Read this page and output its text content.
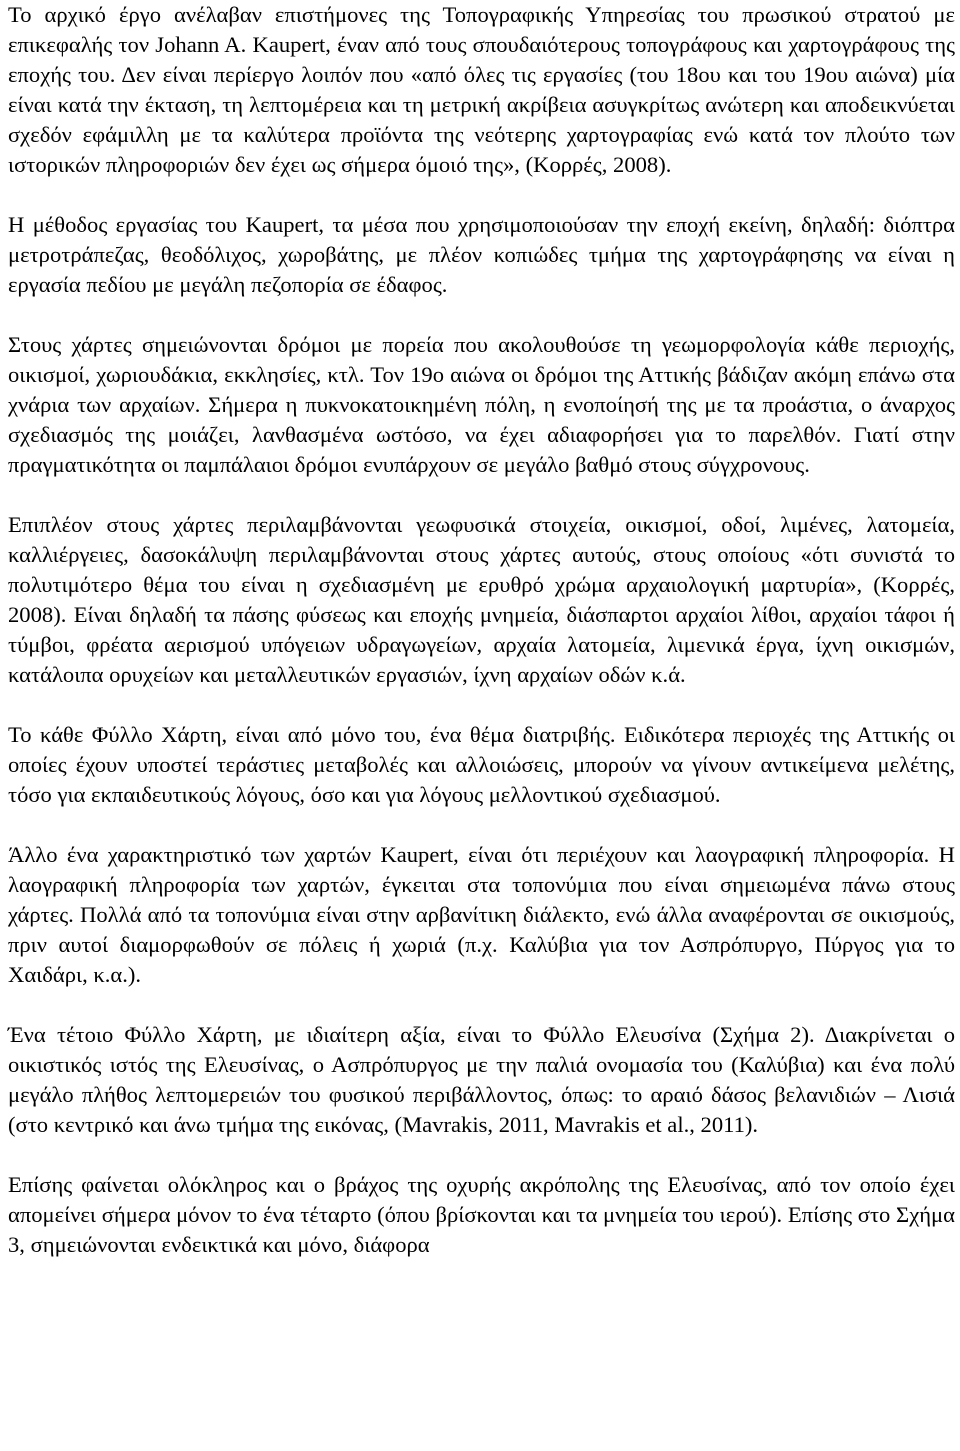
Το αρχικό έργο ανέλαβαν επιστήμονες της Τοπογραφικής Υπηρεσίας του πρωσικού στρατού με επικεφαλής τον Johann A. Kaupert, έναν από τους σπουδαιότερους τοπογράφους και χαρτογράφους της εποχής του. Δεν είναι περίεργο λοιπόν που «από όλες τις εργασίες (του 18ου και του 19ου αιώνα) μία είναι κατά την έκταση, τη λεπτομέρεια και τη μετρική ακρίβεια ασυγκρίτως ανώτερη και αποδεικνύεται σχεδόν εφάμιλλη με τα καλύτερα προϊόντα της νεότερης χαρτογραφίας ενώ κατά τον πλούτο των ιστορικών πληροφοριών δεν έχει ως σήμερα όμοιό της», (Κορρές, 2008).

Η μέθοδος εργασίας του Kaupert, τα μέσα που χρησιμοποιούσαν την εποχή εκείνη, δηλαδή: διόπτρα μετροτράπεζας, θεοδόλιχος, χωροβάτης, με πλέον κοπιώδες τμήμα της χαρτογράφησης να είναι η εργασία πεδίου με μεγάλη πεζοπορία σε έδαφος.

Στους χάρτες σημειώνονται δρόμοι με πορεία που ακολουθούσε τη γεωμορφολογία κάθε περιοχής, οικισμοί, χωριουδάκια, εκκλησίες, κτλ. Τον 19ο αιώνα οι δρόμοι της Αττικής βάδιζαν ακόμη επάνω στα χνάρια των αρχαίων. Σήμερα η πυκνοκατοικημένη πόλη, η ενοποίησή της με τα προάστια, ο άναρχος σχεδιασμός της μοιάζει, λανθασμένα ωστόσο, να έχει αδιαφορήσει για το παρελθόν. Γιατί στην πραγματικότητα οι παμπάλαιοι δρόμοι ενυπάρχουν σε μεγάλο βαθμό στους σύγχρονους.

Επιπλέον στους χάρτες περιλαμβάνονται γεωφυσικά στοιχεία, οικισμοί, οδοί, λιμένες, λατομεία, καλλιέργειες, δασοκάλυψη περιλαμβάνονται στους χάρτες αυτούς, στους οποίους «ότι συνιστά το πολυτιμότερο θέμα του είναι η σχεδιασμένη με ερυθρό χρώμα αρχαιολογική μαρτυρία», (Κορρές, 2008). Είναι δηλαδή τα πάσης φύσεως και εποχής μνημεία, διάσπαρτοι αρχαίοι λίθοι, αρχαίοι τάφοι ή τύμβοι, φρέατα αερισμού υπόγειων υδραγωγείων, αρχαία λατομεία, λιμενικά έργα, ίχνη οικισμών, κατάλοιπα ορυχείων και μεταλλευτικών εργασιών, ίχνη αρχαίων οδών κ.ά.

Το κάθε Φύλλο Χάρτη, είναι από μόνο του, ένα θέμα διατριβής. Ειδικότερα περιοχές της Αττικής οι οποίες έχουν υποστεί τεράστιες μεταβολές και αλλοιώσεις, μπορούν να γίνουν αντικείμενα μελέτης, τόσο για εκπαιδευτικούς λόγους, όσο και για λόγους μελλοντικού σχεδιασμού.

Άλλο ένα χαρακτηριστικό των χαρτών Kaupert, είναι ότι περιέχουν και λαογραφική πληροφορία. Η λαογραφική πληροφορία των χαρτών, έγκειται στα τοπονύμια που είναι σημειωμένα πάνω στους χάρτες. Πολλά από τα τοπονύμια είναι στην αρβανίτικη διάλεκτο, ενώ άλλα αναφέρονται σε οικισμούς, πριν αυτοί διαμορφωθούν σε πόλεις ή χωριά (π.χ. Καλύβια για τον Ασπρόπυργο, Πύργος για το Χαιδάρι, κ.α.).

Ένα τέτοιο Φύλλο Χάρτη, με ιδιαίτερη αξία, είναι το Φύλλο Ελευσίνα (Σχήμα 2). Διακρίνεται ο οικιστικός ιστός της Ελευσίνας, ο Ασπρόπυργος με την παλιά ονομασία του (Καλύβια) και ένα πολύ μεγάλο πλήθος λεπτομερειών του φυσικού περιβάλλοντος, όπως: το αραιό δάσος βελανιδιών – Λισιά (στο κεντρικό και άνω τμήμα της εικόνας, (Mavrakis, 2011, Mavrakis et al., 2011).

Επίσης φαίνεται ολόκληρος και ο βράχος της οχυρής ακρόπολης της Ελευσίνας, από τον οποίο έχει απομείνει σήμερα μόνον το ένα τέταρτο (όπου βρίσκονται και τα μνημεία του ιερού). Επίσης στο Σχήμα 3, σημειώνονται ενδεικτικά και μόνο, διάφορα
